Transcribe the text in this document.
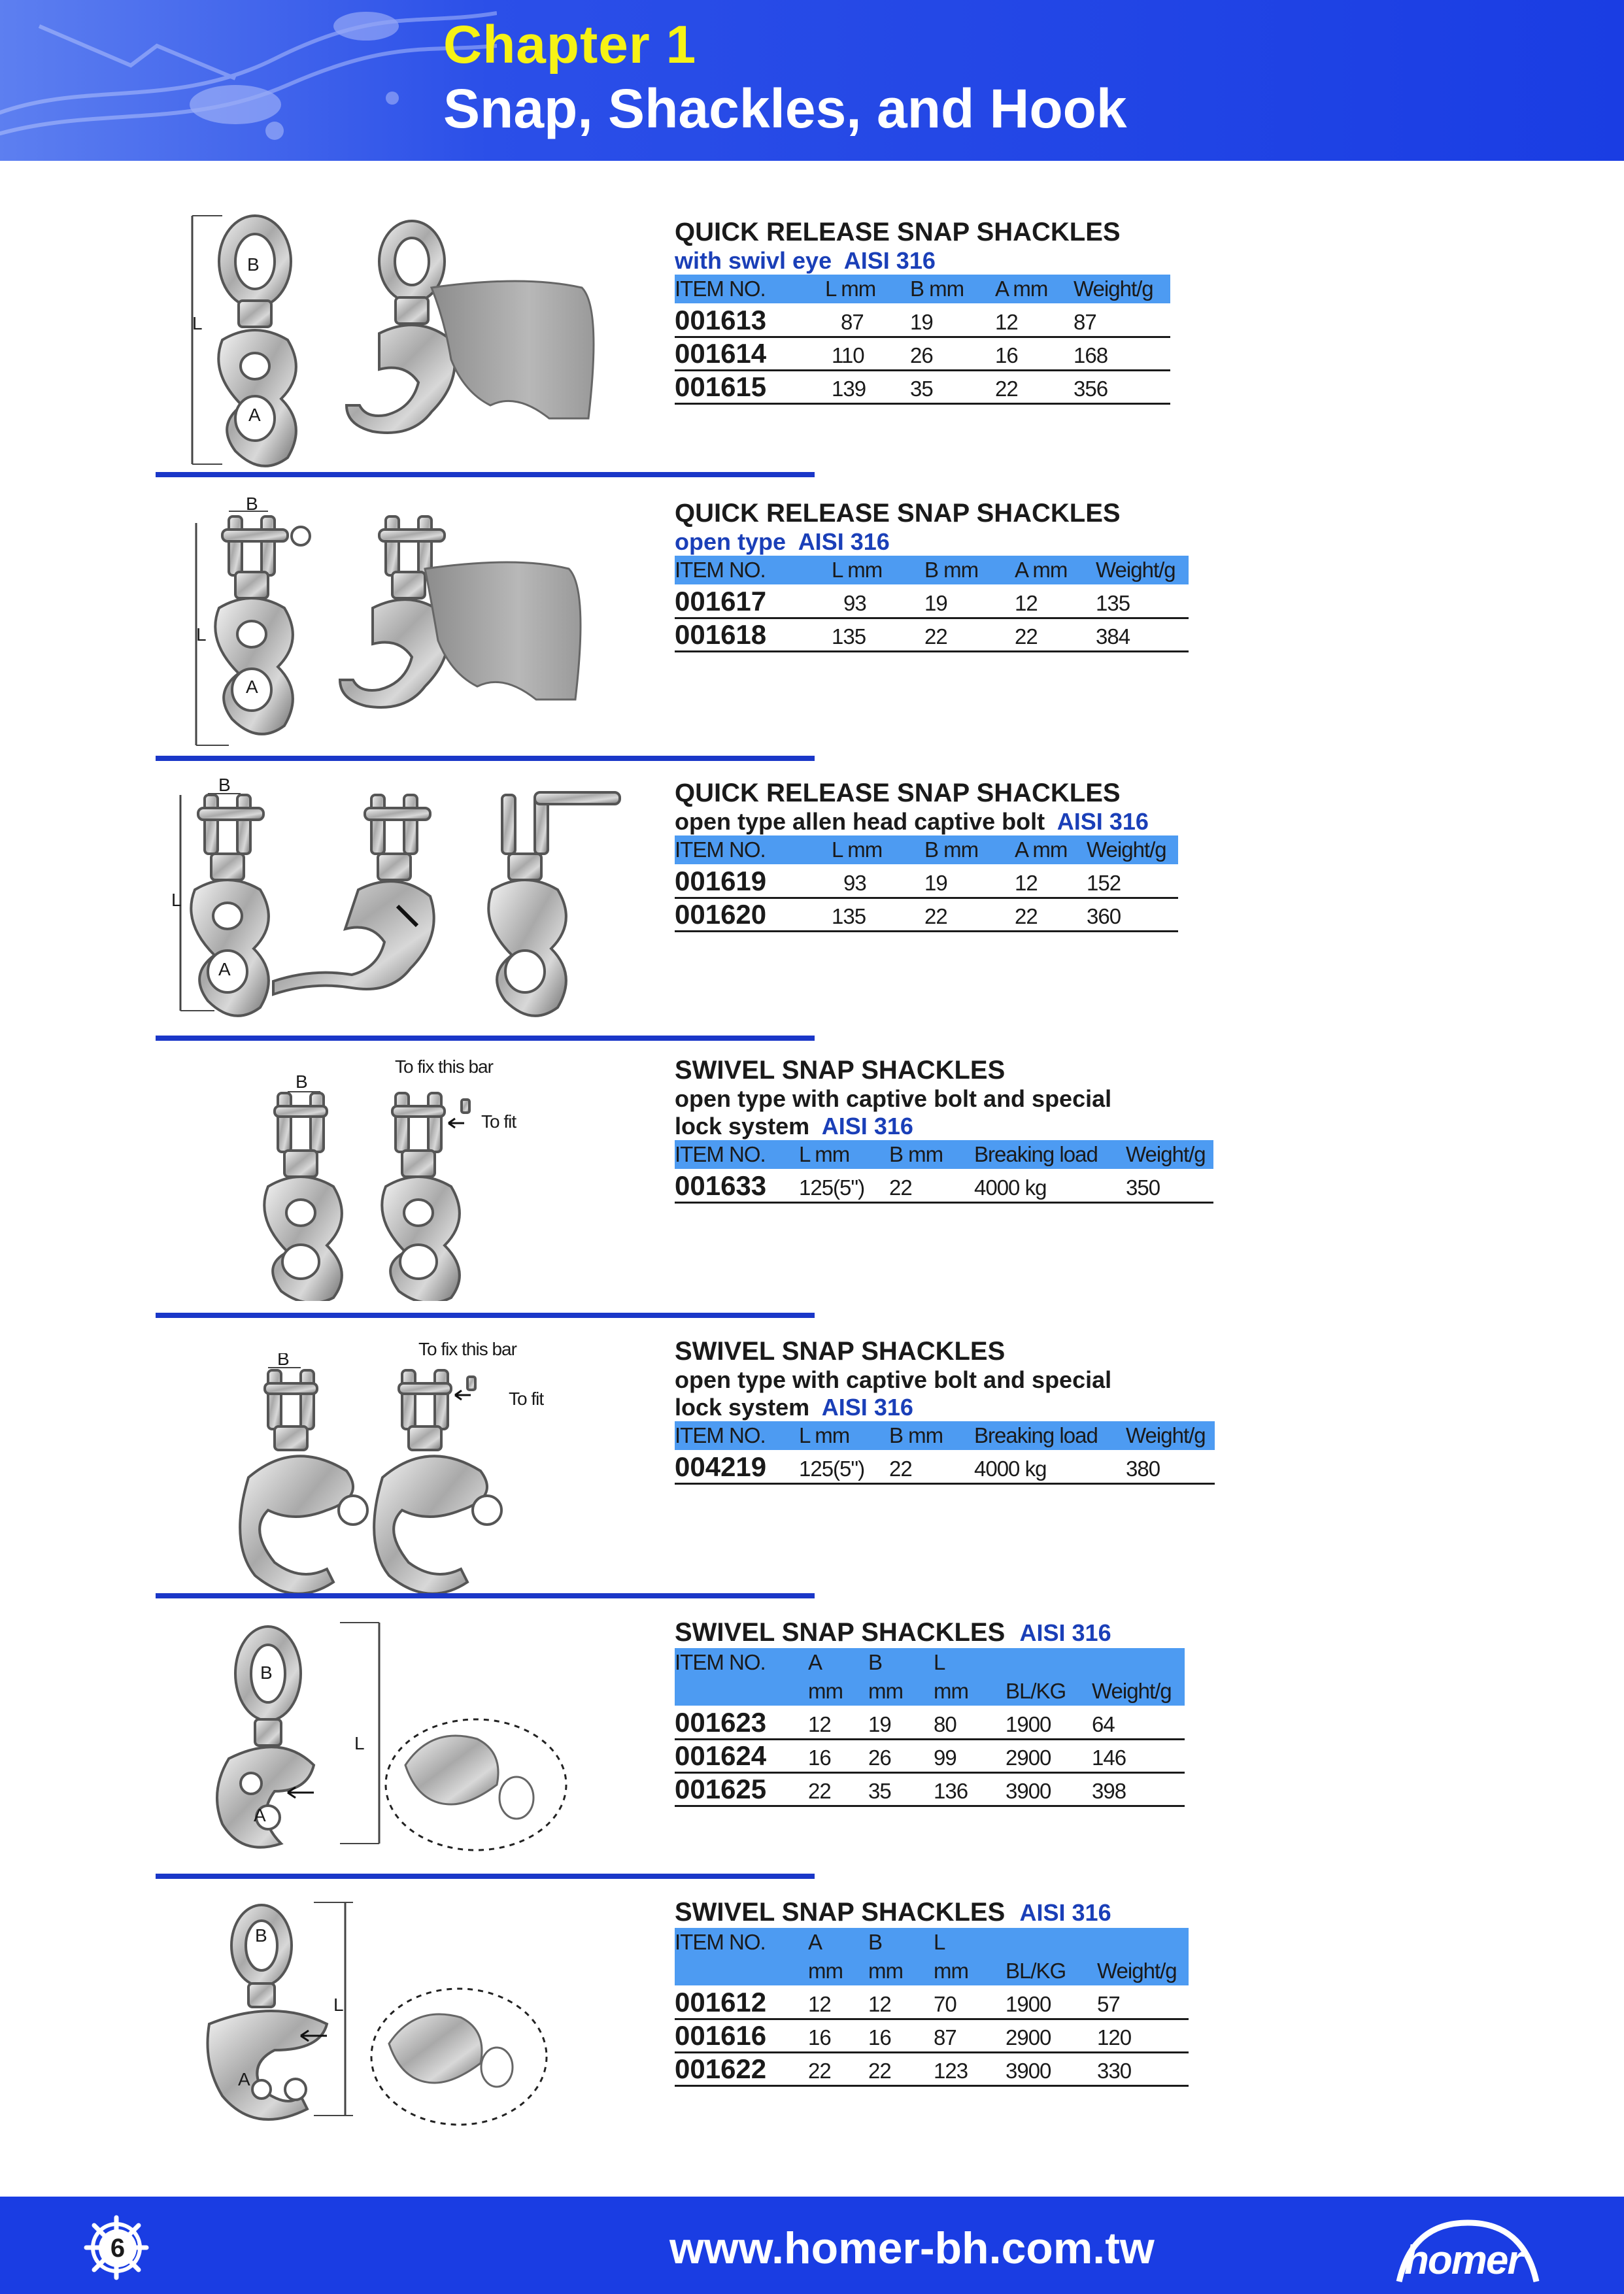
Chapter 1
Snap, Shackles, and Hook
B
L
A
QUICK RELEASE SNAP SHACKLES
with swivl eye AISI 316
ITEM NO.	L mm	B mm	A mm	Weight/g
001613	87	19	12	87
001614	110	26	16	168
001615	139	35	22	356
B
L
A
QUICK RELEASE SNAP SHACKLES
open type AISI 316
ITEM NO.	L mm	B mm	A mm	Weight/g
001617	93	19	12	135
001618	135	22	22	384
B
L
A
QUICK RELEASE SNAP SHACKLES
open type allen head captive bolt AISI 316
ITEM NO.	L mm	B mm	A mm	Weight/g
001619	93	19	12	152
001620	135	22	22	360
B
To fix this bar
To fit
SWIVEL SNAP SHACKLES
open type with captive bolt and special
lock system AISI 316
ITEM NO.	L mm	B mm	Breaking load	Weight/g
001633	125(5")	22	4000 kg	350
B	To fix this bar
To fit
SWIVEL SNAP SHACKLES
open type with captive bolt and special
lock system AISI 316
ITEM NO.	L mm	B mm	Breaking load	Weight/g
004219	125(5")	22	4000 kg	380
B
L
A
SWIVEL SNAP SHACKLES AISI 316
ITEM NO.	A	B	L		
	mm	mm	mm	BL/KG	Weight/g
001623	12	19	80	1900	64
001624	16	26	99	2900	146
001625	22	35	136	3900	398
B
L
A
SWIVEL SNAP SHACKLES AISI 316
ITEM NO.	A	B	L		
	mm	mm	mm	BL/KG	Weight/g
001612	12	12	70	1900	57
001616	16	16	87	2900	120
001622	22	22	123	3900	330
6	www.homer-bh.com.tw	homer
